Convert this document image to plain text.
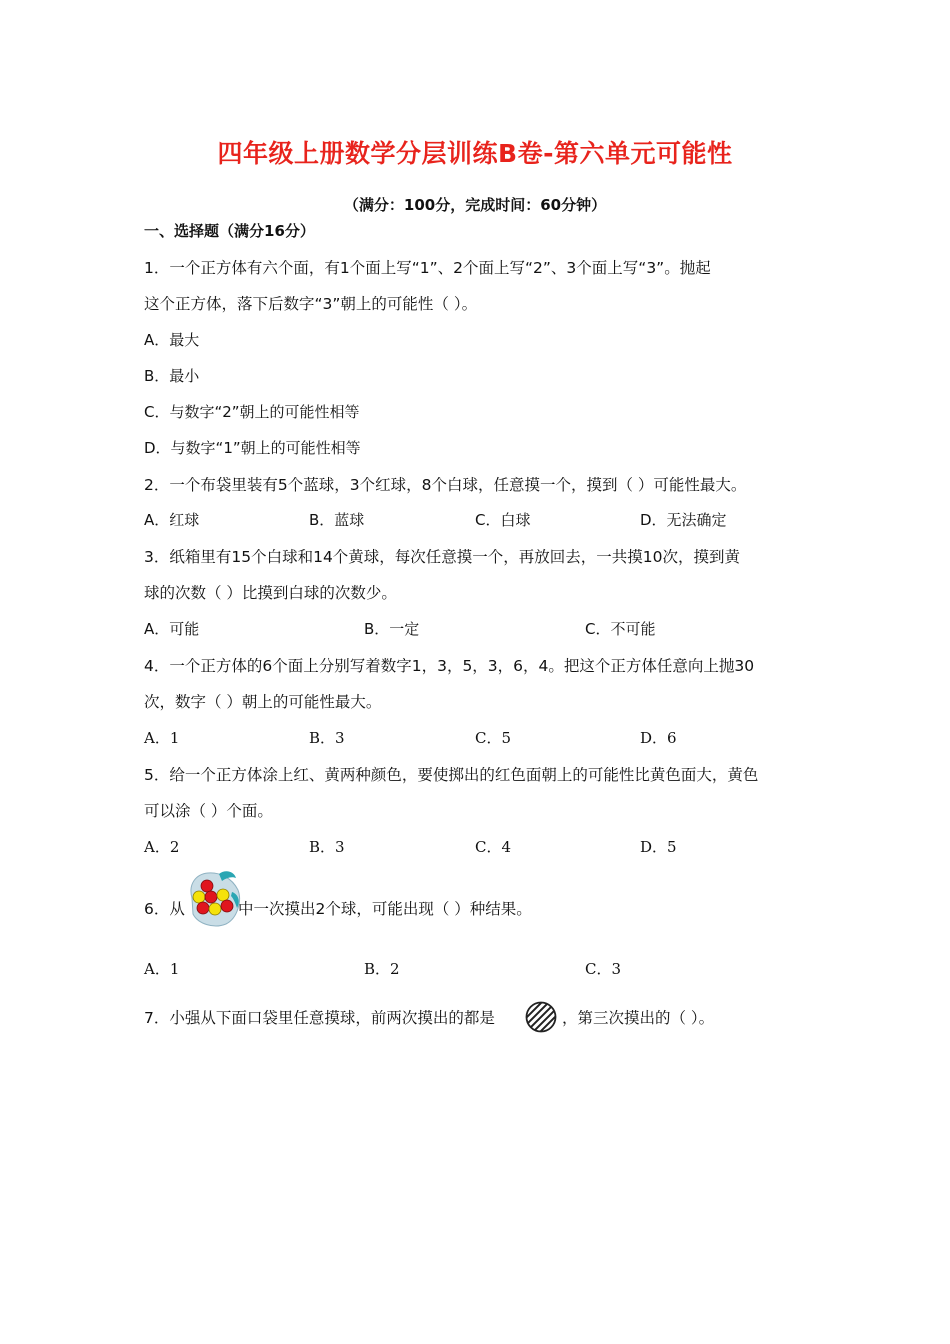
四年级上册数学分层训练B卷-第六单元可能性
（满分：100分，完成时间：60分钟）
一、选择题（满分16分）
1．一个正方体有六个面，有1个面上写“1”、2个面上写“2”、3个面上写“3”。抛起
这个正方体，落下后数字“3”朝上的可能性（ ）。
A．最大
B．最小
C．与数字“2”朝上的可能性相等
D．与数字“1”朝上的可能性相等
2．一个布袋里装有5个蓝球，3个红球，8个白球，任意摸一个，摸到（ ）可能性最大。
A．红球	B．蓝球	C．白球	D．无法确定
3．纸箱里有15个白球和14个黄球，每次任意摸一个，再放回去，一共摸10次，摸到黄
球的次数（ ）比摸到白球的次数少。
A．可能	B．一定	C．不可能
4．一个正方体的6个面上分别写着数字1，3，5，3，6，4。把这个正方体任意向上抛30
次，数字（ ）朝上的可能性最大。
A．1	B．3	C．5	D．6
5．给一个正方体涂上红、黄两种颜色，要使掷出的红色面朝上的可能性比黄色面大，黄色
可以涂（ ）个面。
A．2	B．3	C．4	D．5
6．从	中一次摸出2个球，可能出现（ ）种结果。
A．1	B．2	C．3
7．小强从下面口袋里任意摸球，前两次摸出的都是	，第三次摸出的（ ）。
